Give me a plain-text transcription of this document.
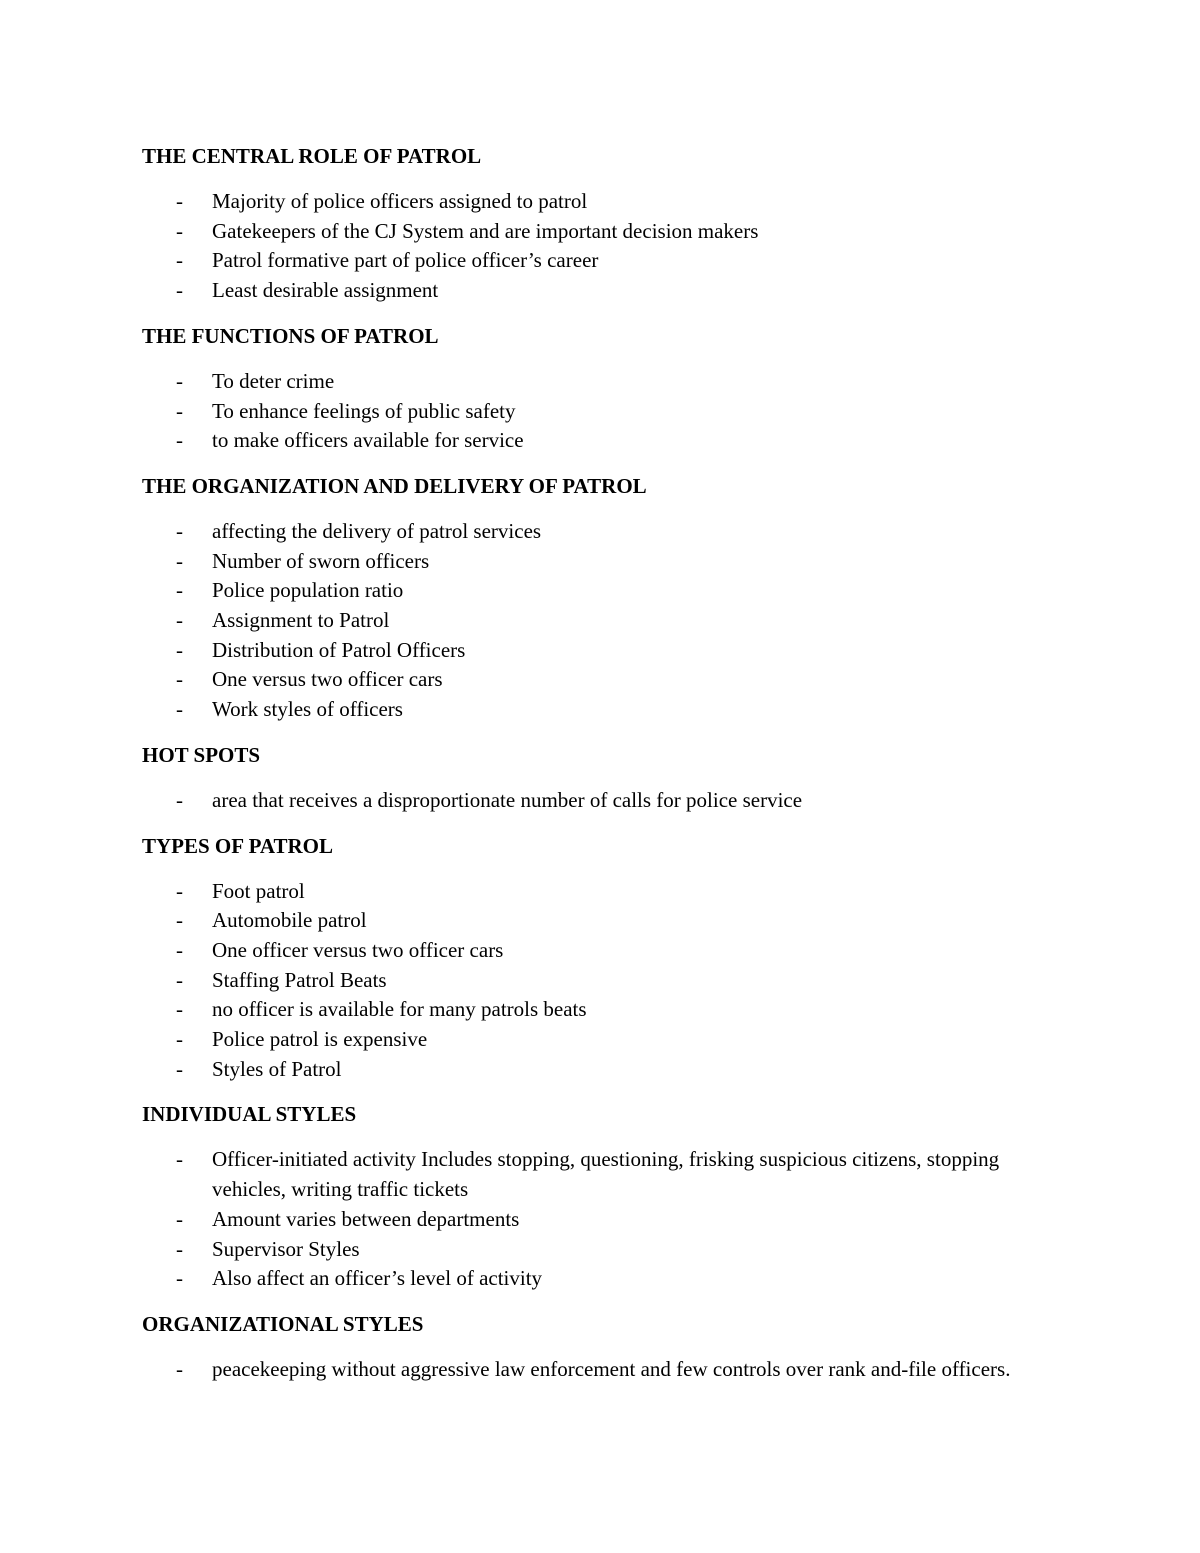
THE CENTRAL ROLE OF PATROL
- Majority of police officers assigned to patrol
- Gatekeepers of the CJ System and are important decision makers
- Patrol formative part of police officer’s career
- Least desirable assignment
THE FUNCTIONS OF PATROL
- To deter crime
- To enhance feelings of public safety
- to make officers available for service
THE ORGANIZATION AND DELIVERY OF PATROL
- affecting the delivery of patrol services
- Number of sworn officers
- Police population ratio
- Assignment to Patrol
- Distribution of Patrol Officers
- One versus two officer cars
- Work styles of officers
HOT SPOTS
- area that receives a disproportionate number of calls for police service
TYPES OF PATROL
- Foot patrol
- Automobile patrol
- One officer versus two officer cars
- Staffing Patrol Beats
- no officer is available for many patrols beats
- Police patrol is expensive
- Styles of Patrol
INDIVIDUAL STYLES
- Officer-initiated activity Includes stopping, questioning, frisking suspicious citizens, stopping vehicles, writing traffic tickets
- Amount varies between departments
- Supervisor Styles
- Also affect an officer’s level of activity
ORGANIZATIONAL STYLES
- peacekeeping without aggressive law enforcement and few controls over rank and-file officers.
